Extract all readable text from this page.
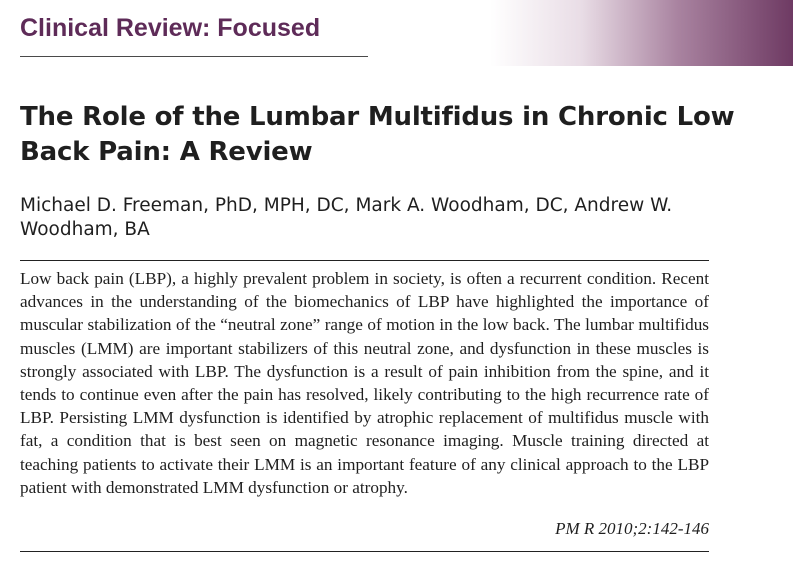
Clinical Review: Focused
The Role of the Lumbar Multifidus in Chronic Low Back Pain: A Review

Michael D. Freeman, PhD, MPH, DC, Mark A. Woodham, DC, Andrew W. Woodham, BA

Low back pain (LBP), a highly prevalent problem in society, is often a recurrent condition. Recent advances in the understanding of the biomechanics of LBP have highlighted the importance of muscular stabilization of the “neutral zone” range of motion in the low back. The lumbar multifidus muscles (LMM) are important stabilizers of this neutral zone, and dysfunction in these muscles is strongly associated with LBP. The dysfunction is a result of pain inhibition from the spine, and it tends to continue even after the pain has resolved, likely contributing to the high recurrence rate of LBP. Persisting LMM dysfunction is identified by atrophic replacement of multifidus muscle with fat, a condition that is best seen on magnetic resonance imaging. Muscle training directed at teaching patients to activate their LMM is an important feature of any clinical approach to the LBP patient with demonstrated LMM dysfunction or atrophy.

PM R 2010;2:142-146
